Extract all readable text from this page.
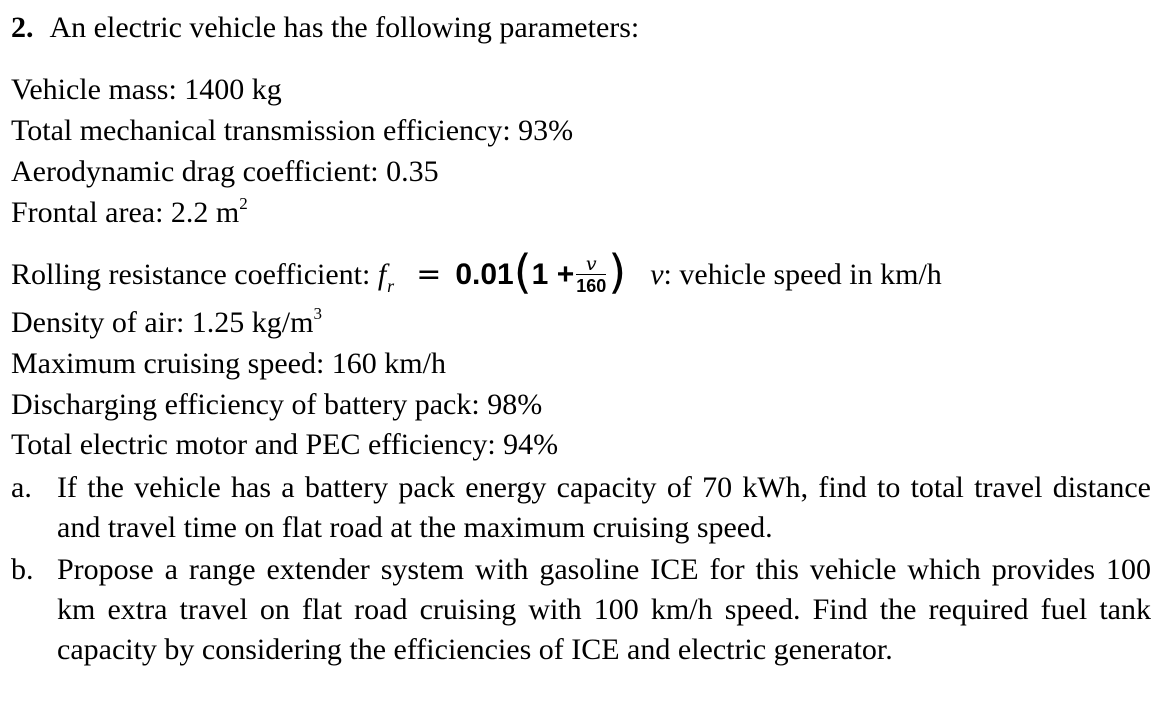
2. An electric vehicle has the following parameters:
Vehicle mass: 1400 kg
Total mechanical transmission efficiency: 93%
Aerodynamic drag coefficient: 0.35
Frontal area: 2.2 $m^2$
Rolling resistance coefficient: $f_r = 0.01(1 + \frac{v}{160}$ ) v: vehicle speed in km/h
Density of air: 1.25 $kg/m^3$
Maximum cruising speed: 160 km/h
Discharging efficiency of battery pack: 98%
Total electric motor and PEC efficiency: 94%
a. If the vehicle has a battery pack energy capacity of 70 kWh, find to total travel distance and travel time on flat road at the maximum cruising speed.
b. Propose a range extender system with gasoline ICE for this vehicle which provides 100 km extra travel on flat road cruising with 100 km/h speed. Find the required fuel tank capacity by considering the efficiencies of ICE and electric generator.
